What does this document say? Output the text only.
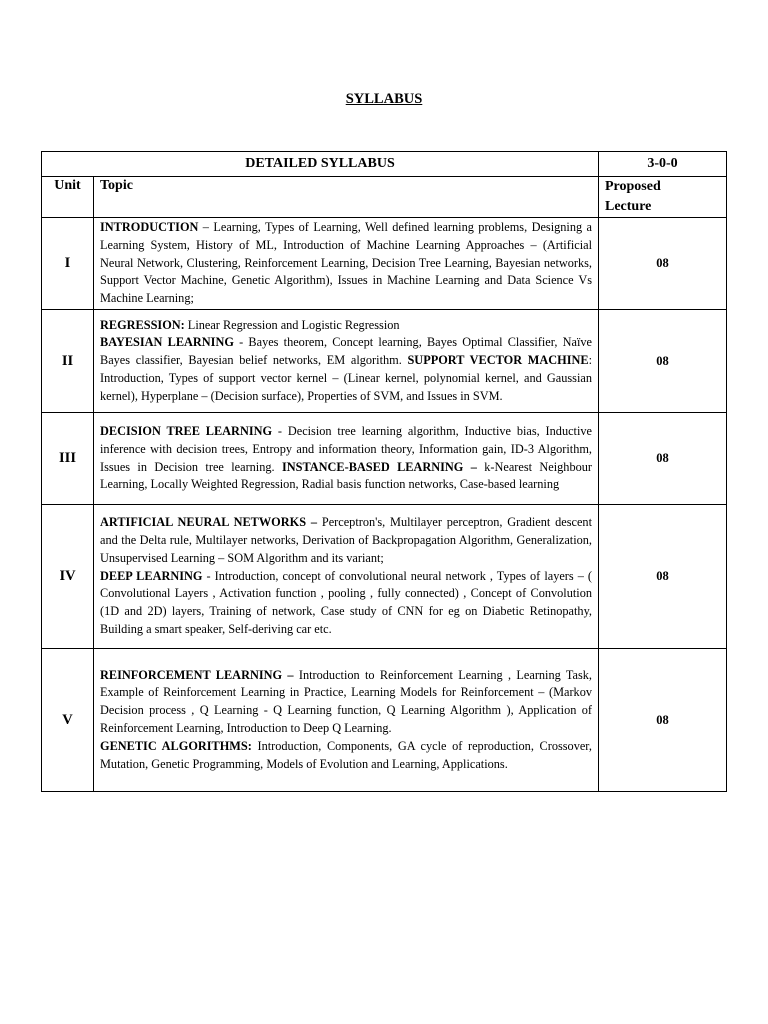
SYLLABUS
DETAILED SYLLABUS		3-0-0
Unit	Topic	Proposed
Lecture
I	INTRODUCTION – Learning, Types of Learning, Well defined learning problems, Designing a Learning System, History of ML, Introduction of Machine Learning Approaches – (Artificial Neural Network, Clustering, Reinforcement Learning, Decision Tree Learning, Bayesian networks, Support Vector Machine, Genetic Algorithm), Issues in Machine Learning and Data Science Vs Machine Learning;	08
II	REGRESSION: Linear Regression and Logistic Regression

BAYESIAN LEARNING - Bayes theorem, Concept learning, Bayes Optimal Classifier, Naïve Bayes classifier, Bayesian belief networks, EM algorithm. SUPPORT VECTOR MACHINE: Introduction, Types of support vector kernel – (Linear kernel, polynomial kernel, and Gaussian kernel), Hyperplane – (Decision surface), Properties of SVM, and Issues in SVM.	08
III	DECISION TREE LEARNING - Decision tree learning algorithm, Inductive bias, Inductive inference with decision trees, Entropy and information theory, Information gain, ID-3 Algorithm, Issues in Decision tree learning. INSTANCE-BASED LEARNING – k-Nearest Neighbour Learning, Locally Weighted Regression, Radial basis function networks, Case-based learning	08
IV	ARTIFICIAL NEURAL NETWORKS – Perceptron's, Multilayer perceptron, Gradient descent and the Delta rule, Multilayer networks, Derivation of Backpropagation Algorithm, Generalization, Unsupervised Learning – SOM Algorithm and its variant;

DEEP LEARNING - Introduction, concept of convolutional neural network , Types of layers – ( Convolutional Layers , Activation function , pooling , fully connected) , Concept of Convolution (1D and 2D) layers, Training of network, Case study of CNN for eg on Diabetic Retinopathy, Building a smart speaker, Self-deriving car etc.	08
V	REINFORCEMENT LEARNING – Introduction to Reinforcement Learning , Learning Task, Example of Reinforcement Learning in Practice, Learning Models for Reinforcement – (Markov Decision process , Q Learning - Q Learning function, Q Learning Algorithm ), Application of Reinforcement Learning, Introduction to Deep Q Learning.

GENETIC ALGORITHMS: Introduction, Components, GA cycle of reproduction, Crossover, Mutation, Genetic Programming, Models of Evolution and Learning, Applications.	08
